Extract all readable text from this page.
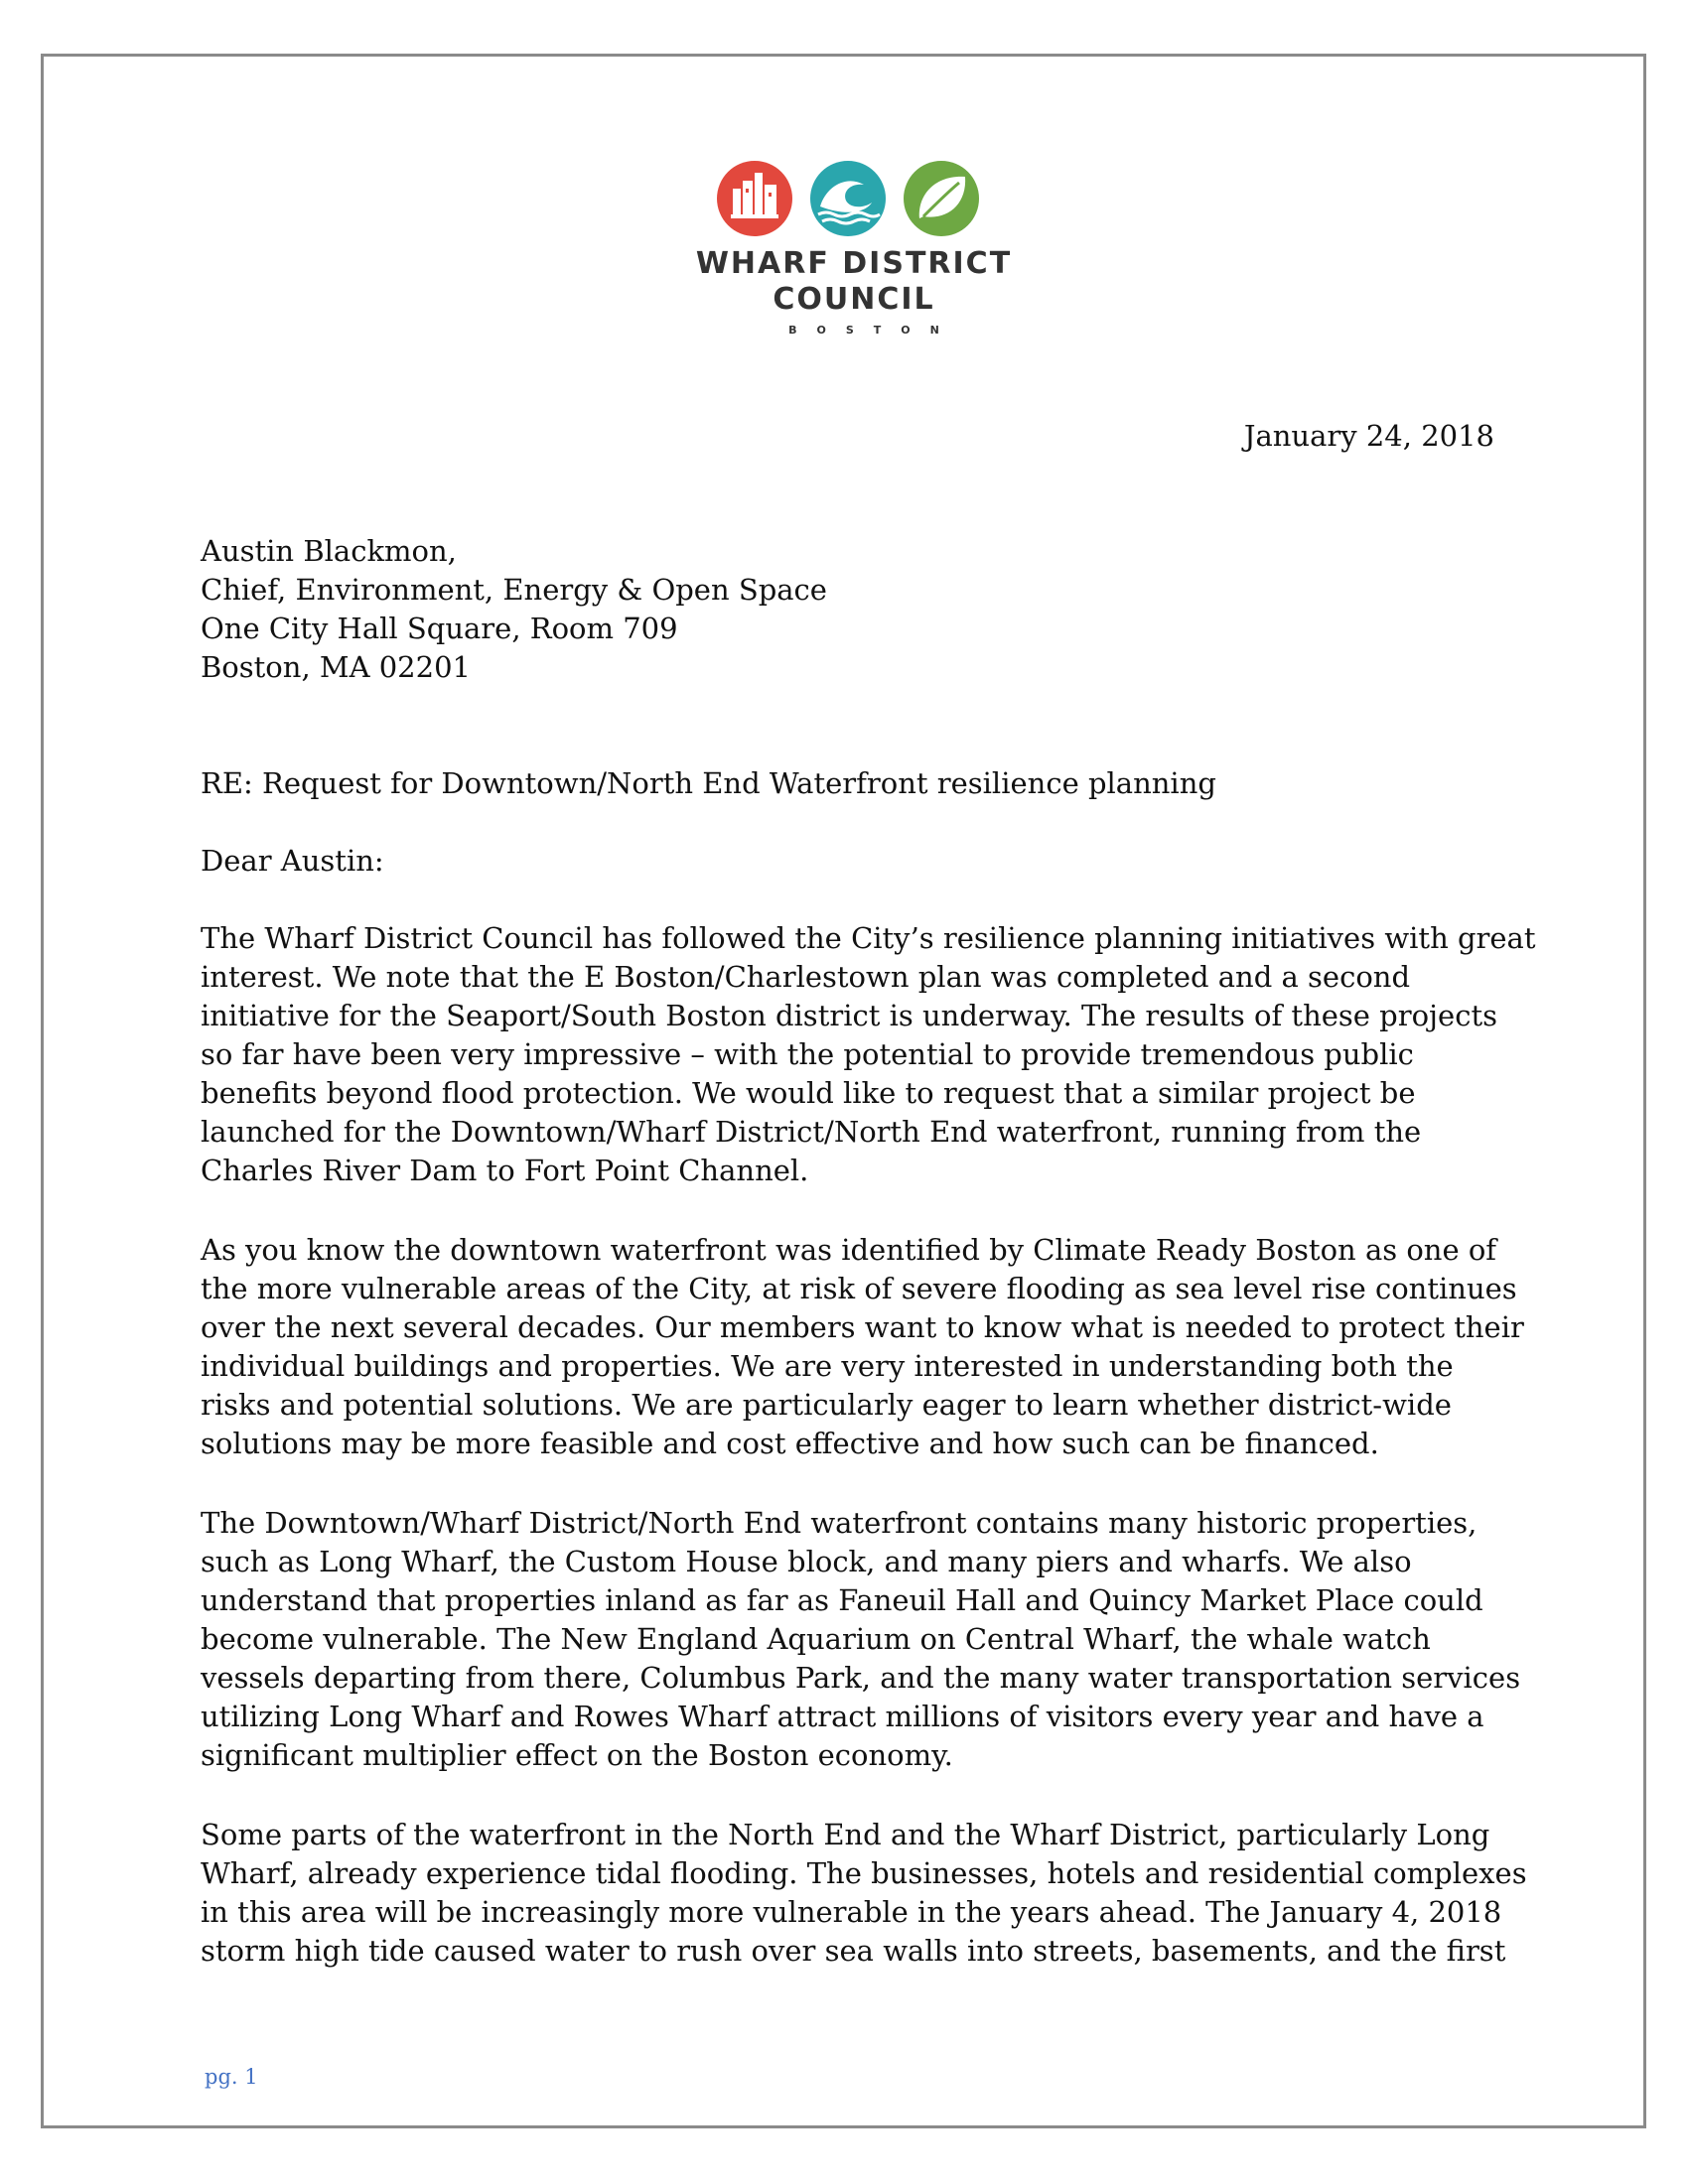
WHARF DISTRICT
COUNCIL
BOSTON
January 24, 2018
Austin Blackmon,
Chief, Environment, Energy & Open Space
One City Hall Square, Room 709
Boston, MA 02201
RE: Request for Downtown/North End Waterfront resilience planning
Dear Austin:
The Wharf District Council has followed the City’s resilience planning initiatives with great
interest. We note that the E Boston/Charlestown plan was completed and a second
initiative for the Seaport/South Boston district is underway. The results of these projects
so far have been very impressive – with the potential to provide tremendous public
benefits beyond flood protection. We would like to request that a similar project be
launched for the Downtown/Wharf District/North End waterfront, running from the
Charles River Dam to Fort Point Channel.
As you know the downtown waterfront was identified by Climate Ready Boston as one of
the more vulnerable areas of the City, at risk of severe flooding as sea level rise continues
over the next several decades. Our members want to know what is needed to protect their
individual buildings and properties. We are very interested in understanding both the
risks and potential solutions. We are particularly eager to learn whether district-wide
solutions may be more feasible and cost effective and how such can be financed.
The Downtown/Wharf District/North End waterfront contains many historic properties,
such as Long Wharf, the Custom House block, and many piers and wharfs. We also
understand that properties inland as far as Faneuil Hall and Quincy Market Place could
become vulnerable. The New England Aquarium on Central Wharf, the whale watch
vessels departing from there, Columbus Park, and the many water transportation services
utilizing Long Wharf and Rowes Wharf attract millions of visitors every year and have a
significant multiplier effect on the Boston economy.
Some parts of the waterfront in the North End and the Wharf District, particularly Long
Wharf, already experience tidal flooding. The businesses, hotels and residential complexes
in this area will be increasingly more vulnerable in the years ahead. The January 4, 2018
storm high tide caused water to rush over sea walls into streets, basements, and the first
pg. 1
